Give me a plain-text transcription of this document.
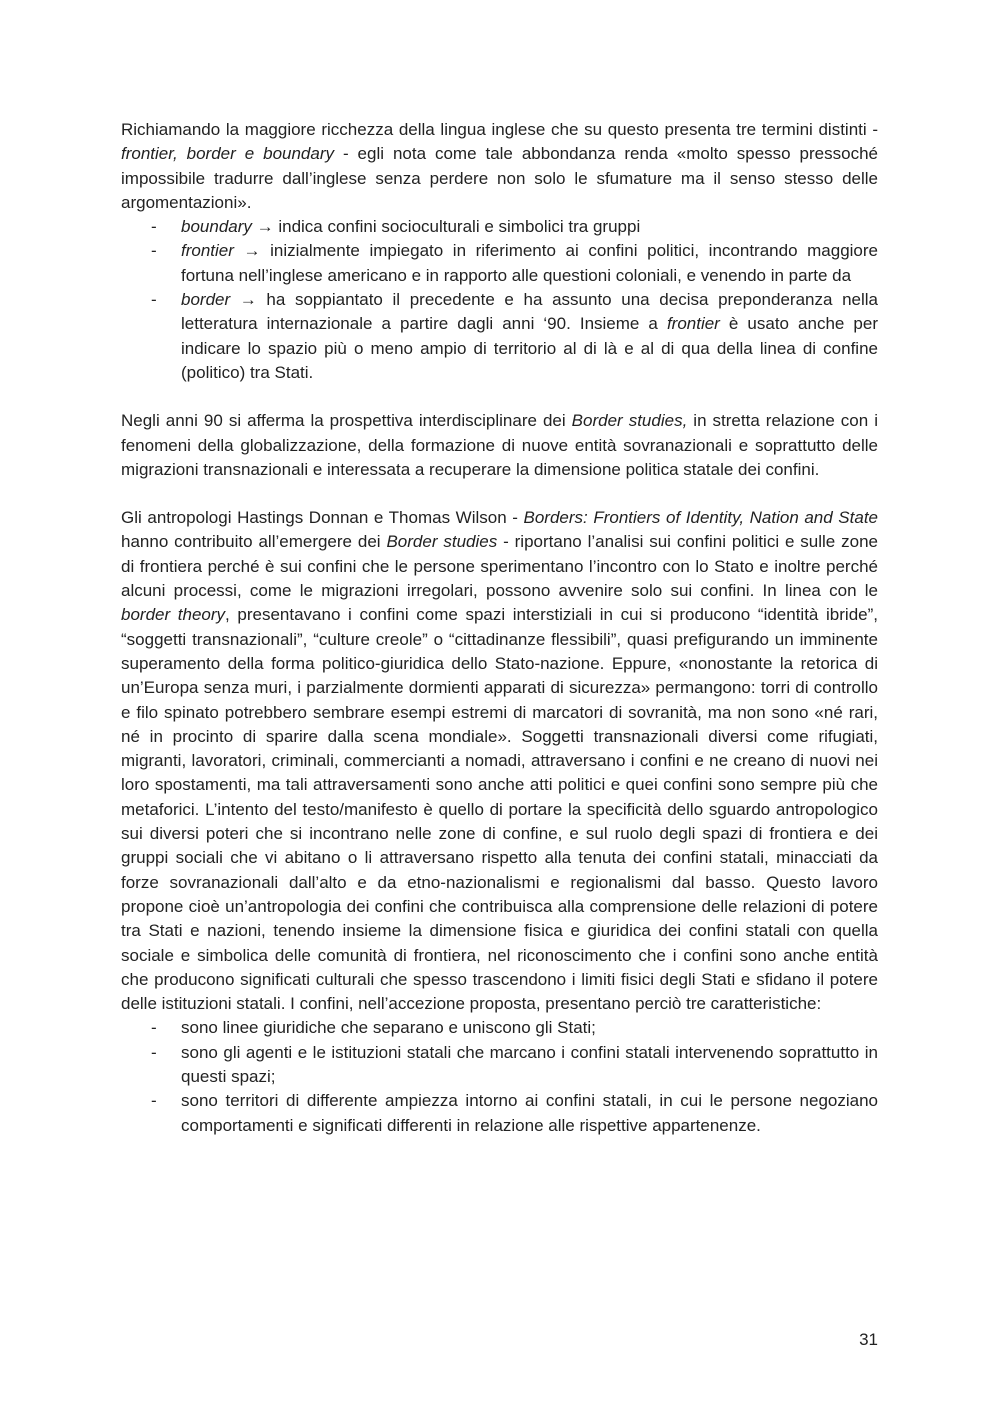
Richiamando la maggiore ricchezza della lingua inglese che su questo presenta tre termini distinti - frontier, border e boundary - egli nota come tale abbondanza renda «molto spesso pressoché impossibile tradurre dall’inglese senza perdere non solo le sfumature ma il senso stesso delle argomentazioni».

- boundary → indica confini socioculturali e simbolici tra gruppi
- frontier → inizialmente impiegato in riferimento ai confini politici, incontrando maggiore fortuna nell’inglese americano e in rapporto alle questioni coloniali, e venendo in parte da
- border → ha soppiantato il precedente e ha assunto una decisa preponderanza nella letteratura internazionale a partire dagli anni ‘90. Insieme a frontier è usato anche per indicare lo spazio più o meno ampio di territorio al di là e al di qua della linea di confine (politico) tra Stati.

Negli anni 90 si afferma la prospettiva interdisciplinare dei Border studies, in stretta relazione con i fenomeni della globalizzazione, della formazione di nuove entità sovranazionali e soprattutto delle migrazioni transnazionali e interessata a recuperare la dimensione politica statale dei confini.

Gli antropologi Hastings Donnan e Thomas Wilson - Borders: Frontiers of Identity, Nation and State hanno contribuito all’emergere dei Border studies - riportano l’analisi sui confini politici e sulle zone di frontiera perché è sui confini che le persone sperimentano l’incontro con lo Stato e inoltre perché alcuni processi, come le migrazioni irregolari, possono avvenire solo sui confini. In linea con le border theory, presentavano i confini come spazi interstiziali in cui si producono “identità ibride”, “soggetti transnazionali”, “culture creole” o “cittadinanze flessibili”, quasi prefigurando un imminente superamento della forma politico-giuridica dello Stato-nazione. Eppure, «nonostante la retorica di un’Europa senza muri, i parzialmente dormienti apparati di sicurezza» permangono: torri di controllo e filo spinato potrebbero sembrare esempi estremi di marcatori di sovranità, ma non sono «né rari, né in procinto di sparire dalla scena mondiale». Soggetti transnazionali diversi come rifugiati, migranti, lavoratori, criminali, commercianti a nomadi, attraversano i confini e ne creano di nuovi nei loro spostamenti, ma tali attraversamenti sono anche atti politici e quei confini sono sempre più che metaforici. L’intento del testo/manifesto è quello di portare la specificità dello sguardo antropologico sui diversi poteri che si incontrano nelle zone di confine, e sul ruolo degli spazi di frontiera e dei gruppi sociali che vi abitano o li attraversano rispetto alla tenuta dei confini statali, minacciati da forze sovranazionali dall’alto e da etno-nazionalismi e regionalismi dal basso. Questo lavoro propone cioè un’antropologia dei confini che contribuisca alla comprensione delle relazioni di potere tra Stati e nazioni, tenendo insieme la dimensione fisica e giuridica dei confini statali con quella sociale e simbolica delle comunità di frontiera, nel riconoscimento che i confini sono anche entità che producono significati culturali che spesso trascendono i limiti fisici degli Stati e sfidano il potere delle istituzioni statali. I confini, nell’accezione proposta, presentano perciò tre caratteristiche:

- sono linee giuridiche che separano e uniscono gli Stati;
- sono gli agenti e le istituzioni statali che marcano i confini statali intervenendo soprattutto in questi spazi;
- sono territori di differente ampiezza intorno ai confini statali, in cui le persone negoziano comportamenti e significati differenti in relazione alle rispettive appartenenze.
31
